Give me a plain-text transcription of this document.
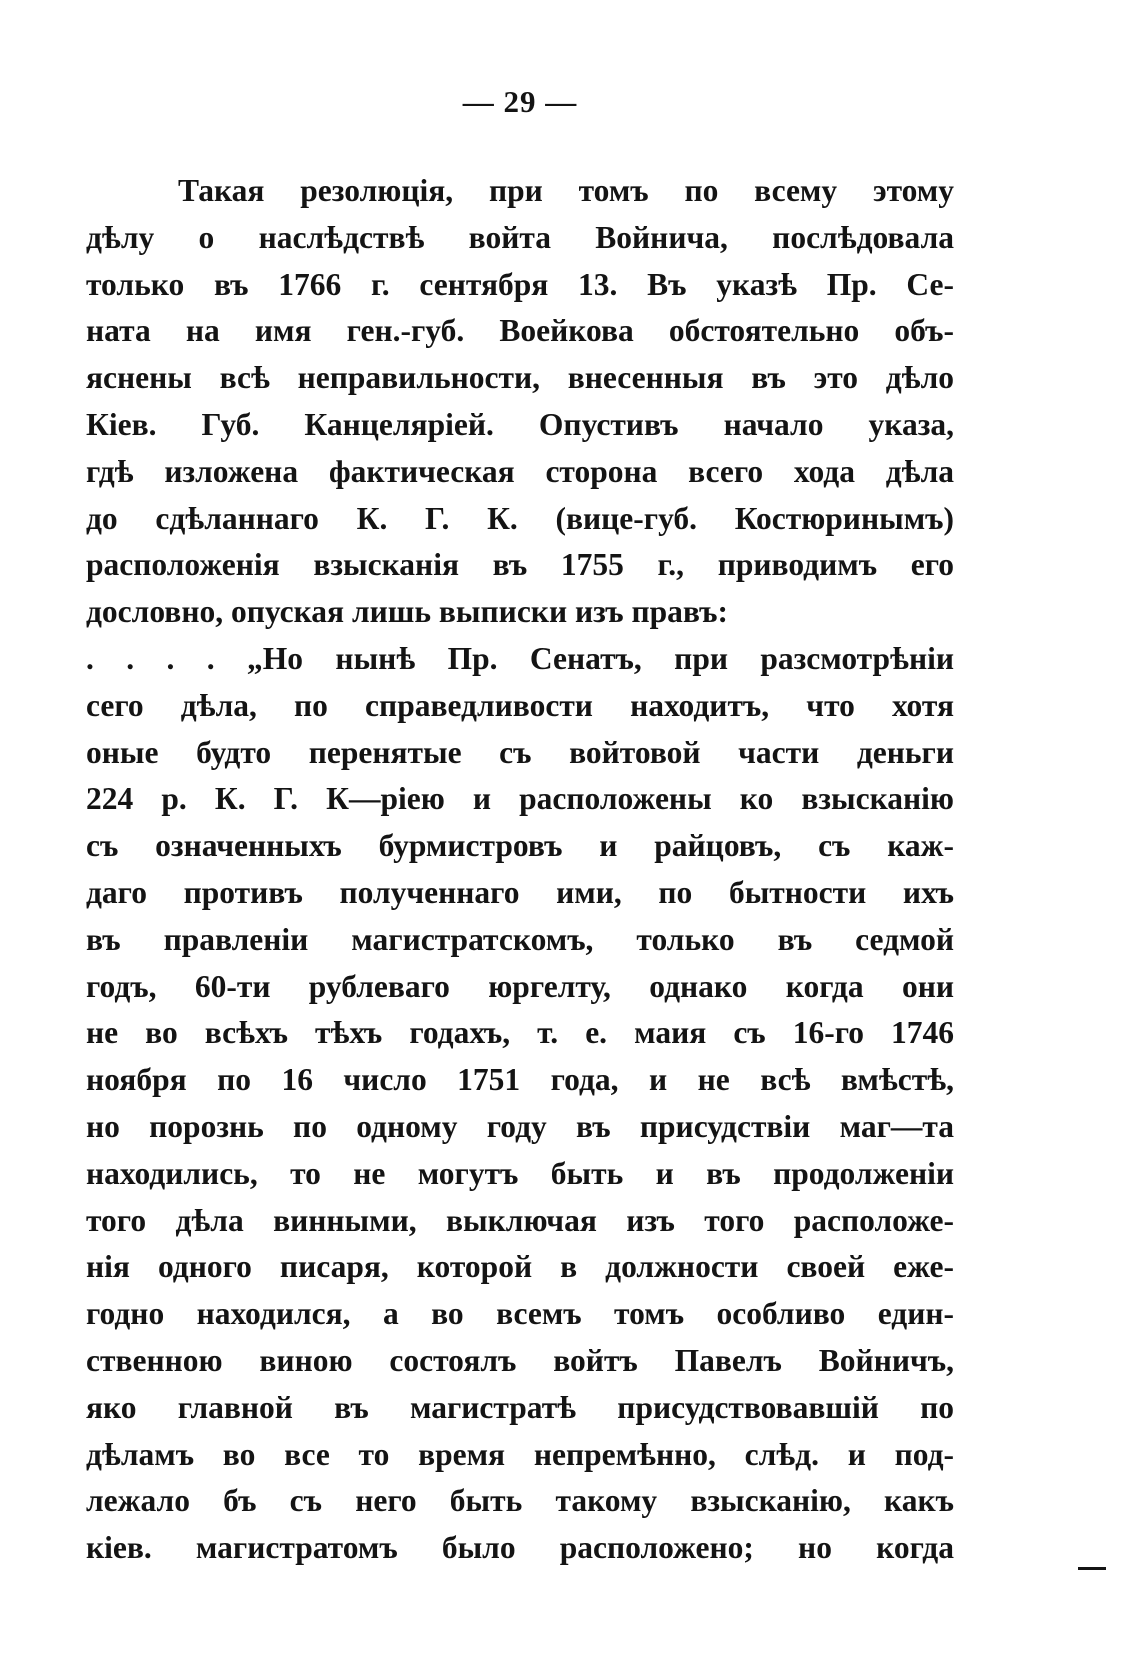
— 29 —
Такая резолюція, при томъ по всему этому
дѣлу о наслѣдствѣ войта Войнича, послѣдовала
только въ 1766 г. сентября 13. Въ указѣ Пр. Се-
ната на имя ген.-губ. Воейкова обстоятельно объ-
яснены всѣ неправильности, внесенныя въ это дѣло
Кіев. Губ. Канцеляріей. Опустивъ начало указа,
гдѣ изложена фактическая сторона всего хода дѣла
до сдѣланнаго К. Г. К. (вице-губ. Костюринымъ)
расположенія взысканія въ 1755 г., приводимъ его
дословно, опуская лишь выписки изъ правъ:
. . . . „Но нынѣ Пр. Сенатъ, при разсмотрѣніи
сего дѣла, по справедливости находитъ, что хотя
оные будто перенятые съ войтовой части деньги
224 р. К. Г. К—ріею и расположены ко взысканію
съ означенныхъ бурмистровъ и райцовъ, съ каж-
даго противъ полученнаго ими, по бытности ихъ
въ правленіи магистратскомъ, только въ седмой
годъ, 60-ти рублеваго юргелту, однако когда они
не во всѣхъ тѣхъ годахъ, т. е. маия съ 16-го 1746
ноября по 16 число 1751 года, и не всѣ вмѣстѣ,
но порознь по одному году въ присудствіи маг—та
находились, то не могутъ быть и въ продолженіи
того дѣла винными, выключая изъ того расположе-
нія одного писаря, которой в должности своей еже-
годно находился, а во всемъ томъ особливо един-
ственною виною состоялъ войтъ Павелъ Войничъ,
яко главной въ магистратѣ присудствовавшій по
дѣламъ во все то время непремѣнно, слѣд. и под-
лежало бъ съ него быть такому взысканію, какъ
кіев. магистратомъ было расположено; но когда
